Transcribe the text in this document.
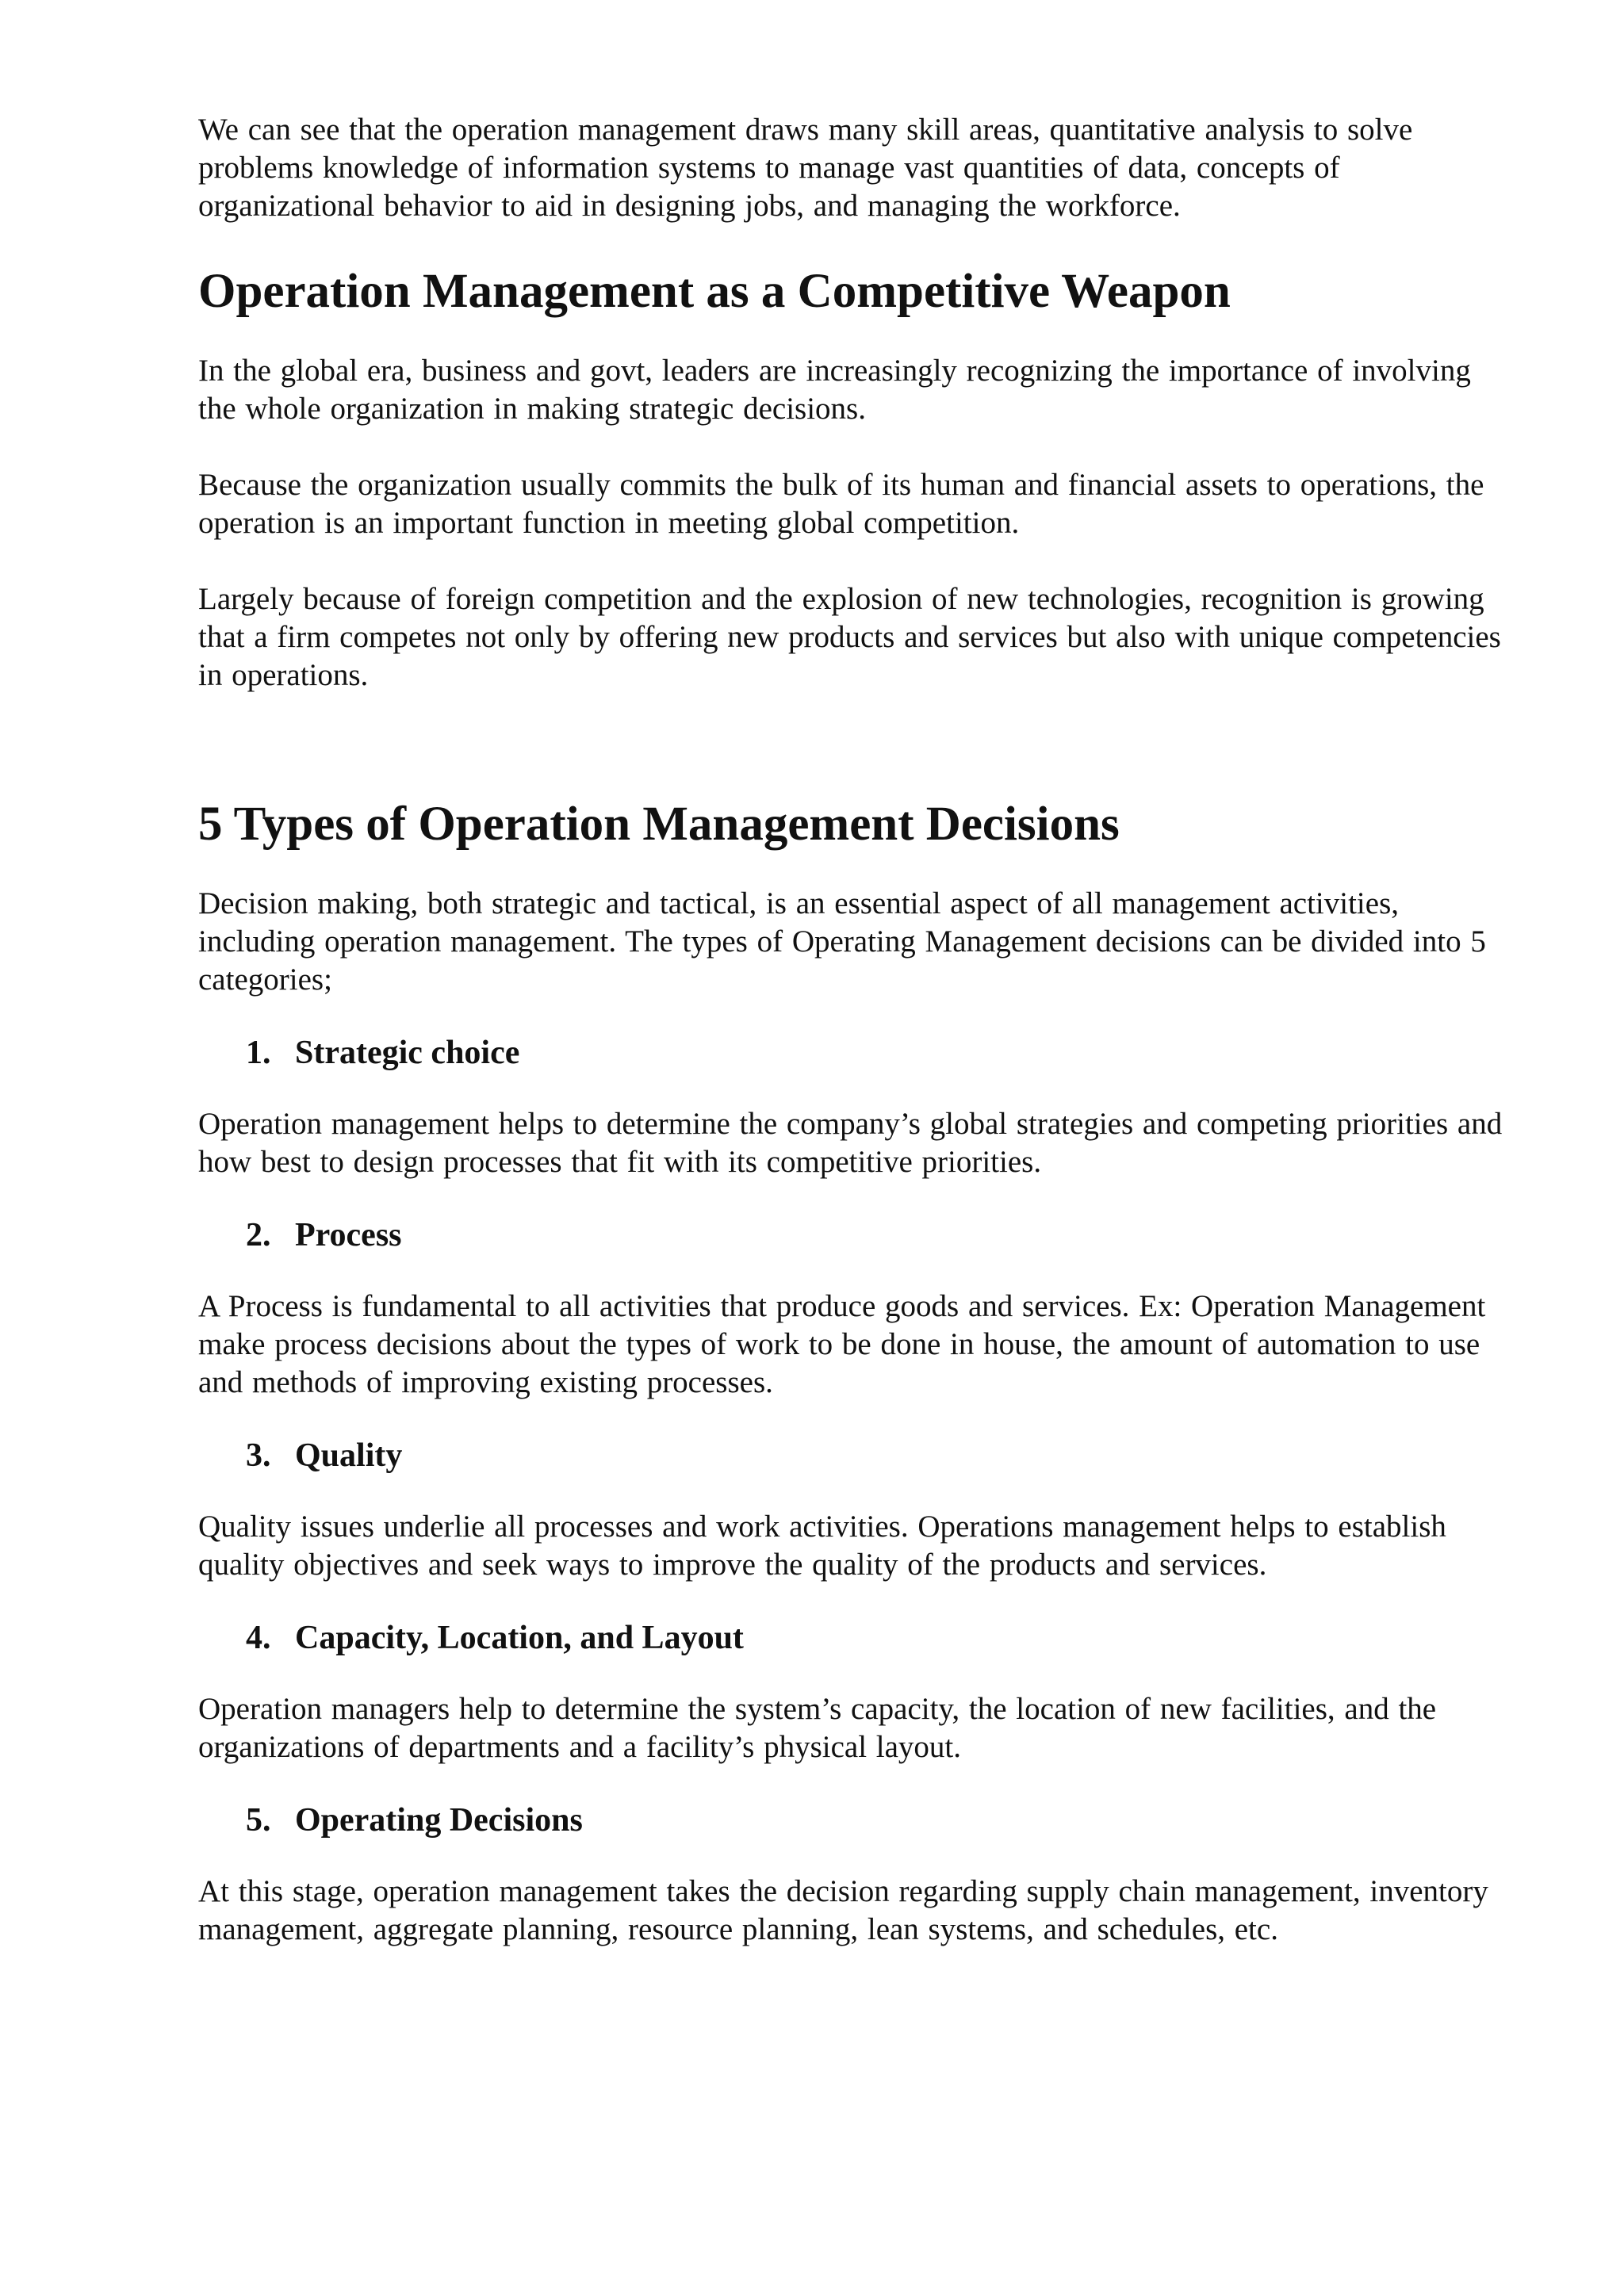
We can see that the operation management draws many skill areas, quantitative analysis to solve problems knowledge of information systems to manage vast quantities of data, concepts of organizational behavior to aid in designing jobs, and managing the workforce.

Operation Management as a Competitive Weapon

In the global era, business and govt, leaders are increasingly recognizing the importance of involving the whole organization in making strategic decisions.

Because the organization usually commits the bulk of its human and financial assets to operations, the operation is an important function in meeting global competition.

Largely because of foreign competition and the explosion of new technologies, recognition is growing that a firm competes not only by offering new products and services but also with unique competencies in operations.

5 Types of Operation Management Decisions

Decision making, both strategic and tactical, is an essential aspect of all management activities, including operation management. The types of Operating Management decisions can be divided into 5 categories;

1. Strategic choice

Operation management helps to determine the company’s global strategies and competing priorities and how best to design processes that fit with its competitive priorities.

2. Process

A Process is fundamental to all activities that produce goods and services. Ex: Operation Management make process decisions about the types of work to be done in house, the amount of automation to use and methods of improving existing processes.

3. Quality

Quality issues underlie all processes and work activities. Operations management helps to establish quality objectives and seek ways to improve the quality of the products and services.

4. Capacity, Location, and Layout

Operation managers help to determine the system’s capacity, the location of new facilities, and the organizations of departments and a facility’s physical layout.

5. Operating Decisions

At this stage, operation management takes the decision regarding supply chain management, inventory management, aggregate planning, resource planning, lean systems, and schedules, etc.
